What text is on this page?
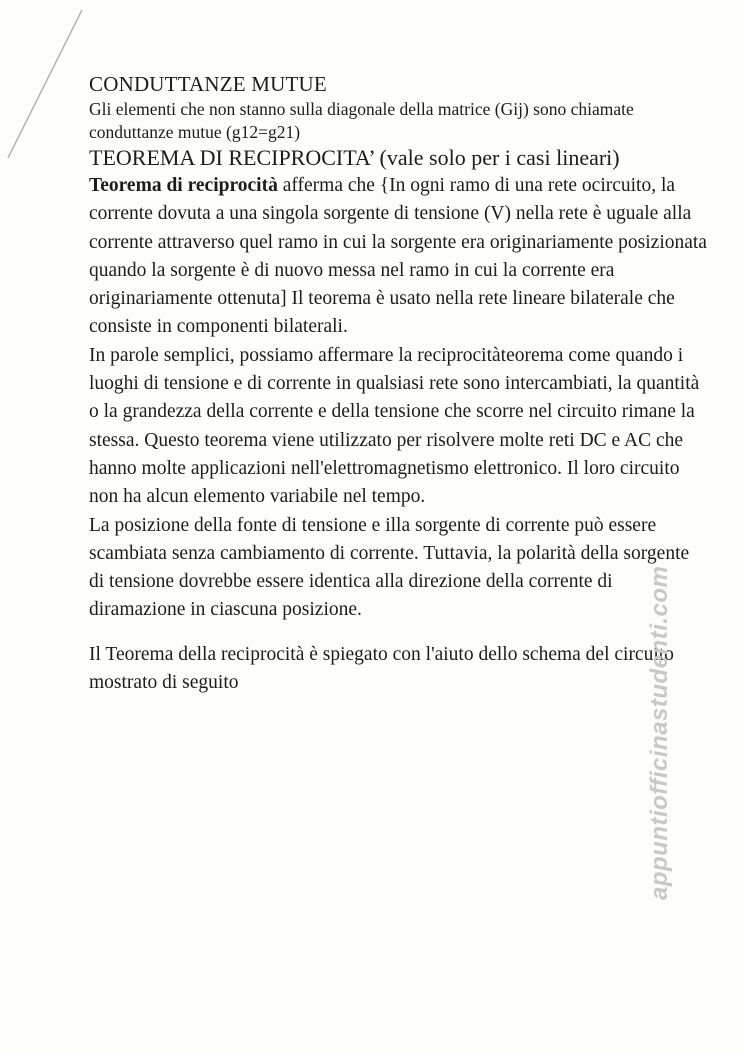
CONDUTTANZE MUTUE

Gli elementi che non stanno sulla diagonale della matrice (Gij) sono chiamate conduttanze mutue (g12=g21)

TEOREMA DI RECIPROCITA’ (vale solo per i casi lineari)

Teorema di reciprocità afferma che {In ogni ramo di una rete ocircuito, la corrente dovuta a una singola sorgente di tensione (V) nella rete è uguale alla corrente attraverso quel ramo in cui la sorgente era originariamente posizionata quando la sorgente è di nuovo messa nel ramo in cui la corrente era originariamente ottenuta] Il teorema è usato nella rete lineare bilaterale che consiste in componenti bilaterali.

In parole semplici, possiamo affermare la reciprocitàteorema come quando i luoghi di tensione e di corrente in qualsiasi rete sono intercambiati, la quantità o la grandezza della corrente e della tensione che scorre nel circuito rimane la stessa. Questo teorema viene utilizzato per risolvere molte reti DC e AC che hanno molte applicazioni nell'elettromagnetismo elettronico. Il loro circuito non ha alcun elemento variabile nel tempo.

La posizione della fonte di tensione e illa sorgente di corrente può essere scambiata senza cambiamento di corrente. Tuttavia, la polarità della sorgente di tensione dovrebbe essere identica alla direzione della corrente di diramazione in ciascuna posizione.

Il Teorema della reciprocità è spiegato con l'aiuto dello schema del circuito mostrato di seguito	appuntiofficinastudenti.com
